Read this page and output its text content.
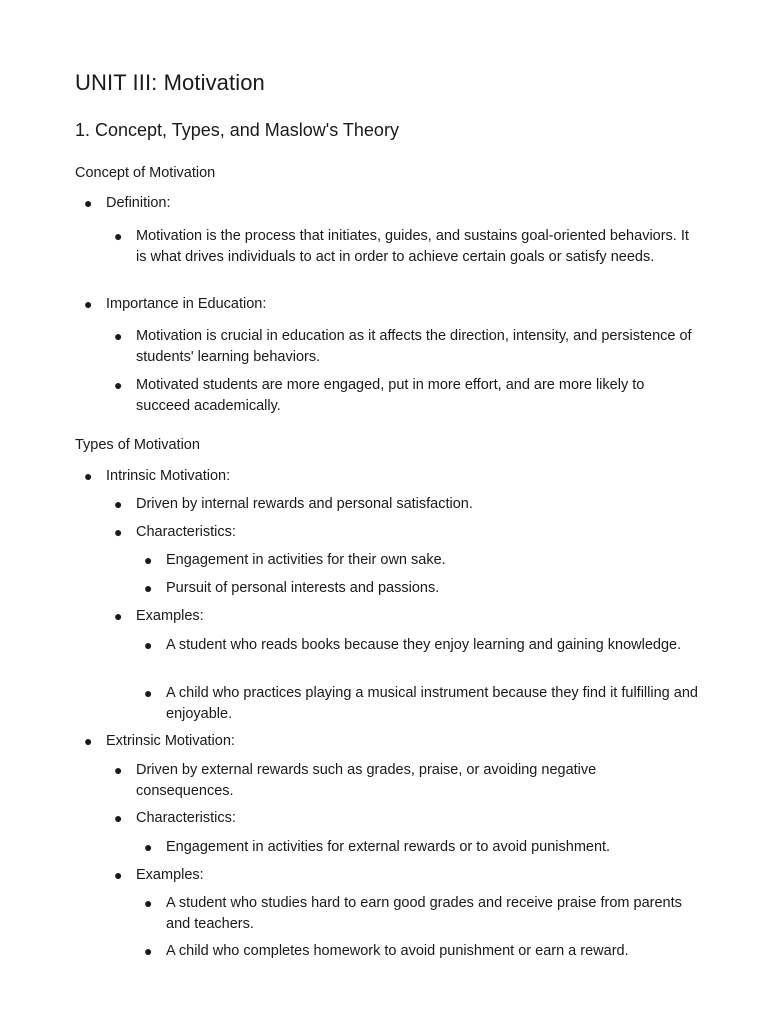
UNIT III: Motivation
1. Concept, Types, and Maslow's Theory
Concept of Motivation
● Definition:
● Motivation is the process that initiates, guides, and sustains goal-oriented behaviors. It is what drives individuals to act in order to achieve certain goals or satisfy needs.
● Importance in Education:
● Motivation is crucial in education as it affects the direction, intensity, and persistence of students' learning behaviors.
● Motivated students are more engaged, put in more effort, and are more likely to succeed academically.
Types of Motivation
● Intrinsic Motivation:
● Driven by internal rewards and personal satisfaction.
● Characteristics:
● Engagement in activities for their own sake.
● Pursuit of personal interests and passions.
● Examples:
● A student who reads books because they enjoy learning and gaining knowledge.
● A child who practices playing a musical instrument because they find it fulfilling and enjoyable.
● Extrinsic Motivation:
● Driven by external rewards such as grades, praise, or avoiding negative consequences.
● Characteristics:
● Engagement in activities for external rewards or to avoid punishment.
● Examples:
● A student who studies hard to earn good grades and receive praise from parents and teachers.
● A child who completes homework to avoid punishment or earn a reward.
